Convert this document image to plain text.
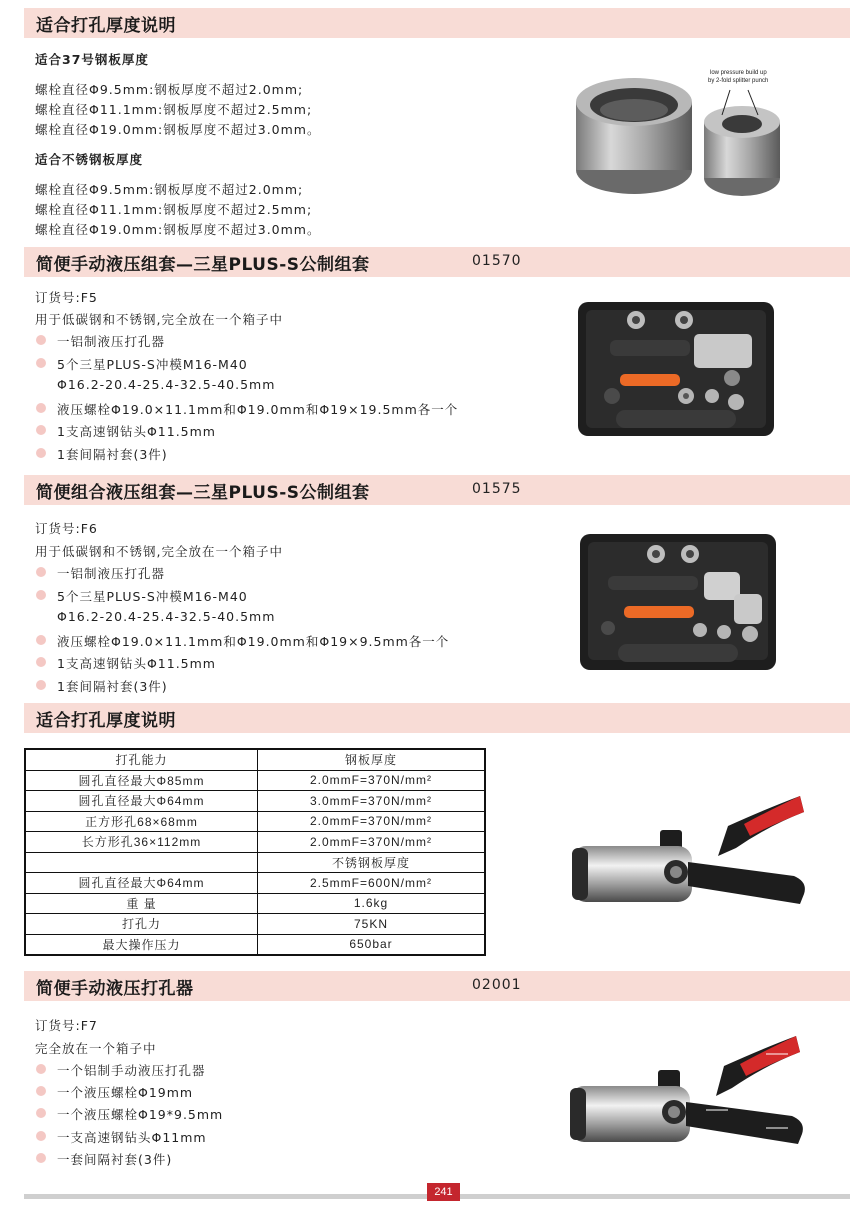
适合打孔厚度说明
适合37号钢板厚度
螺栓直径Φ9.5mm:钢板厚度不超过2.0mm;
螺栓直径Φ11.1mm:钢板厚度不超过2.5mm;
螺栓直径Φ19.0mm:钢板厚度不超过3.0mm。
适合不锈钢板厚度
螺栓直径Φ9.5mm:钢板厚度不超过2.0mm;
螺栓直径Φ11.1mm:钢板厚度不超过2.5mm;
螺栓直径Φ19.0mm:钢板厚度不超过3.0mm。
low pressure build up
by 2-fold splitter punch
简便手动液压组套—三星PLUS-S公制组套	01570
订货号:F5
用于低碳钢和不锈钢,完全放在一个箱子中
一铝制液压打孔器
5个三星PLUS-S冲模M16-M40
Φ16.2-20.4-25.4-32.5-40.5mm
液压螺栓Φ19.0×11.1mm和Φ19.0mm和Φ19×19.5mm各一个
1支高速钢钻头Φ11.5mm
1套间隔衬套(3件)
简便组合液压组套—三星PLUS-S公制组套	01575
订货号:F6
用于低碳钢和不锈钢,完全放在一个箱子中
一铝制液压打孔器
5个三星PLUS-S冲模M16-M40
Φ16.2-20.4-25.4-32.5-40.5mm
液压螺栓Φ19.0×11.1mm和Φ19.0mm和Φ19×9.5mm各一个
1支高速钢钻头Φ11.5mm
1套间隔衬套(3件)
适合打孔厚度说明
打孔能力	钢板厚度
圆孔直径最大Φ85mm	2.0mmF=370N/mm²
圆孔直径最大Φ64mm	3.0mmF=370N/mm²
正方形孔68×68mm	2.0mmF=370N/mm²
长方形孔36×112mm	2.0mmF=370N/mm²
	不锈钢板厚度
圆孔直径最大Φ64mm	2.5mmF=600N/mm²
重 量	1.6kg
打孔力	75KN
最大操作压力	650bar
简便手动液压打孔器	02001
订货号:F7
完全放在一个箱子中
一个铝制手动液压打孔器
一个液压螺栓Φ19mm
一个液压螺栓Φ19*9.5mm
一支高速钢钻头Φ11mm
一套间隔衬套(3件)
241
